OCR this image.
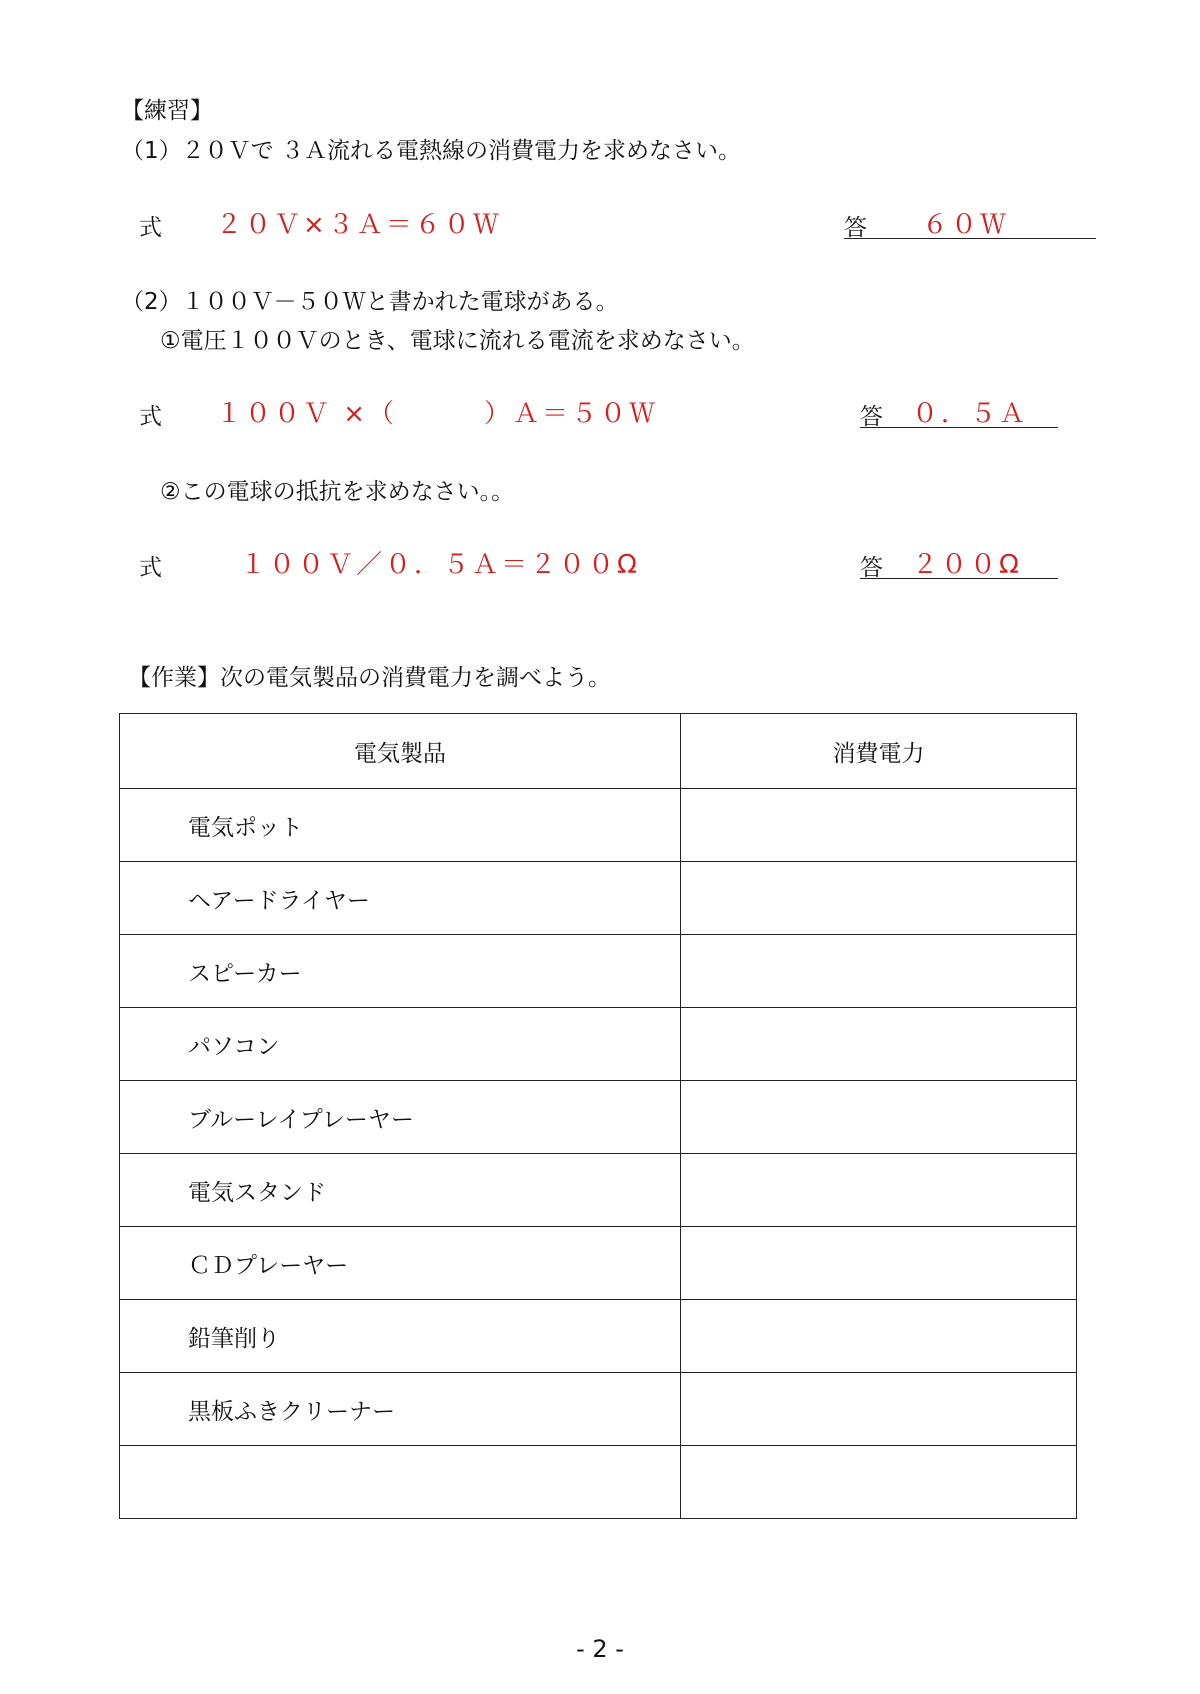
【練習】
（1）２０Ｖで ３Ａ流れる電熱線の消費電力を求めなさい。
式 ２０Ｖ×３Ａ＝６０Ｗ	答 ６０Ｗ
（2）１００Ｖ－５０Ｗと書かれた電球がある。
①電圧１００Ｖのとき、電球に流れる電流を求めなさい。
式 １００Ｖ ×（	）Ａ＝５０Ｗ	答 ０．５Ａ
②この電球の抵抗を求めなさい。。
式	１００Ｖ／０．５Ａ＝２００Ω	答 ２００Ω
【作業】次の電気製品の消費電力を調べよう。
電気製品	消費電力
電気ポット	
ヘアードライヤー	
スピーカー	
パソコン	
ブルーレイプレーヤー	
電気スタンド	
ＣＤプレーヤー	
鉛筆削り	
黒板ふきクリーナー	

- 2 -
